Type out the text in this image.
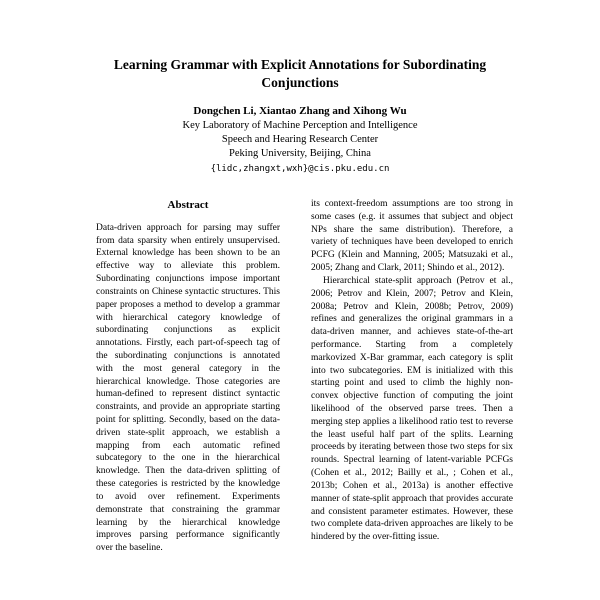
Learning Grammar with Explicit Annotations for Subordinating Conjunctions
Dongchen Li, Xiantao Zhang and Xihong Wu
Key Laboratory of Machine Perception and Intelligence
Speech and Hearing Research Center
Peking University, Beijing, China
{lidc,zhangxt,wxh}@cis.pku.edu.cn
Abstract

Data-driven approach for parsing may suffer from data sparsity when entirely unsupervised. External knowledge has been shown to be an effective way to alleviate this problem. Subordinating conjunctions impose important constraints on Chinese syntactic structures. This paper proposes a method to develop a grammar with hierarchical category knowledge of subordinating conjunctions as explicit annotations. Firstly, each part-of-speech tag of the subordinating conjunctions is annotated with the most general category in the hierarchical knowledge. Those categories are human-defined to represent distinct syntactic constraints, and provide an appropriate starting point for splitting. Secondly, based on the data-driven state-split approach, we establish a mapping from each automatic refined subcategory to the one in the hierarchical knowledge. Then the data-driven splitting of these categories is restricted by the knowledge to avoid over refinement. Experiments demonstrate that constraining the grammar learning by the hierarchical knowledge improves parsing performance significantly over the baseline.

its context-freedom assumptions are too strong in some cases (e.g. it assumes that subject and object NPs share the same distribution). Therefore, a variety of techniques have been developed to enrich PCFG (Klein and Manning, 2005; Matsuzaki et al., 2005; Zhang and Clark, 2011; Shindo et al., 2012).

Hierarchical state-split approach (Petrov et al., 2006; Petrov and Klein, 2007; Petrov and Klein, 2008a; Petrov and Klein, 2008b; Petrov, 2009) refines and generalizes the original grammars in a data-driven manner, and achieves state-of-the-art performance. Starting from a completely markovized X-Bar grammar, each category is split into two subcategories. EM is initialized with this starting point and used to climb the highly non-convex objective function of computing the joint likelihood of the observed parse trees. Then a merging step applies a likelihood ratio test to reverse the least useful half part of the splits. Learning proceeds by iterating between those two steps for six rounds. Spectral learning of latent-variable PCFGs (Cohen et al., 2012; Bailly et al., ; Cohen et al., 2013b; Cohen et al., 2013a) is another effective manner of state-split approach that provides accurate and consistent parameter estimates. However, these two complete data-driven approaches are likely to be hindered by the over-fitting issue.
